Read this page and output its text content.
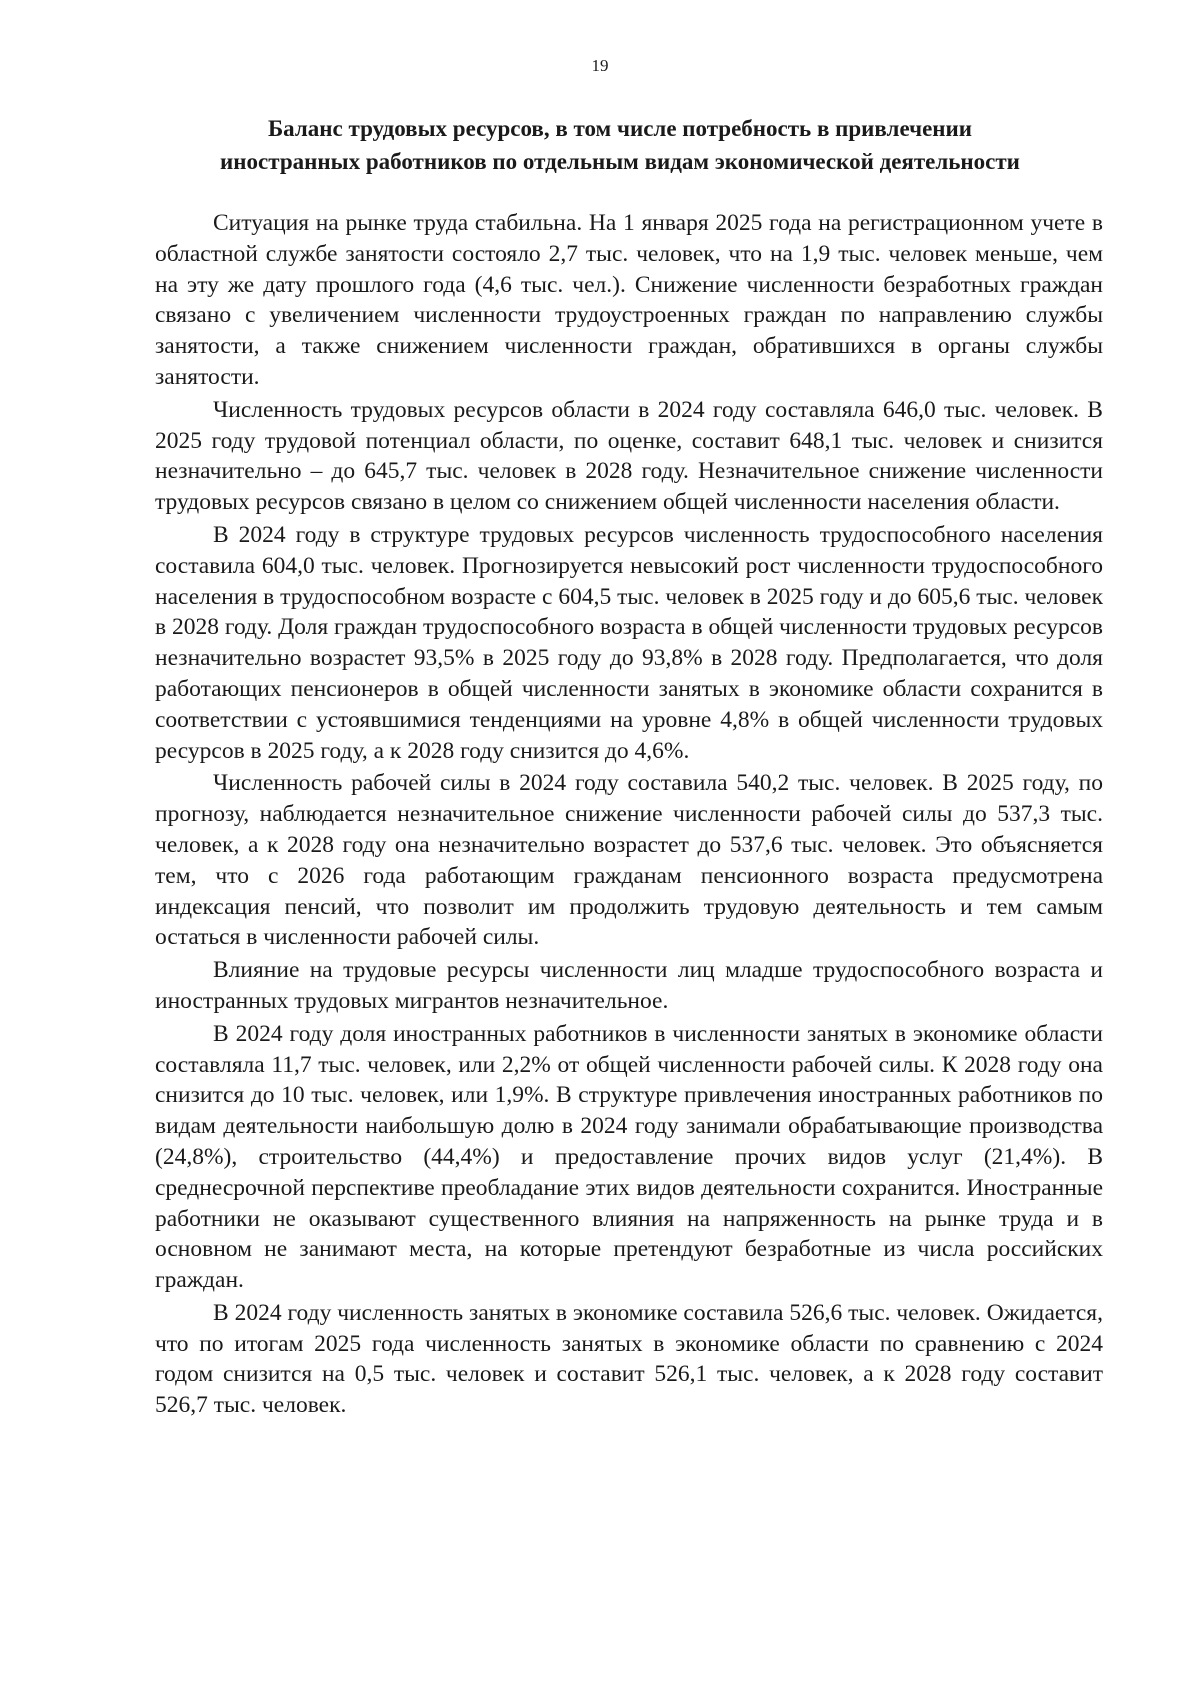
19
Баланс трудовых ресурсов, в том числе потребность в привлечении
иностранных работников по отдельным видам экономической деятельности

Ситуация на рынке труда стабильна. На 1 января 2025 года на регистрационном учете в областной службе занятости состояло 2,7 тыс. человек, что на 1,9 тыс. человек меньше, чем на эту же дату прошлого года (4,6 тыс. чел.). Снижение численности безработных граждан связано с увеличением численности трудоустроенных граждан по направлению службы занятости, а также снижением численности граждан, обратившихся в органы службы занятости.

Численность трудовых ресурсов области в 2024 году составляла 646,0 тыс. человек. В 2025 году трудовой потенциал области, по оценке, составит 648,1 тыс. человек и снизится незначительно – до 645,7 тыс. человек в 2028 году. Незначительное снижение численности трудовых ресурсов связано в целом со снижением общей численности населения области.

В 2024 году в структуре трудовых ресурсов численность трудоспособного населения составила 604,0 тыс. человек. Прогнозируется невысокий рост численности трудоспособного населения в трудоспособном возрасте с 604,5 тыс. человек в 2025 году и до 605,6 тыс. человек в 2028 году. Доля граждан трудоспособного возраста в общей численности трудовых ресурсов незначительно возрастет 93,5% в 2025 году до 93,8% в 2028 году. Предполагается, что доля работающих пенсионеров в общей численности занятых в экономике области сохранится в соответствии с устоявшимися тенденциями на уровне 4,8% в общей численности трудовых ресурсов в 2025 году, а к 2028 году снизится до 4,6%.

Численность рабочей силы в 2024 году составила 540,2 тыс. человек. В 2025 году, по прогнозу, наблюдается незначительное снижение численности рабочей силы до 537,3 тыс. человек, а к 2028 году она незначительно возрастет до 537,6 тыс. человек. Это объясняется тем, что с 2026 года работающим гражданам пенсионного возраста предусмотрена индексация пенсий, что позволит им продолжить трудовую деятельность и тем самым остаться в численности рабочей силы.

Влияние на трудовые ресурсы численности лиц младше трудоспособного возраста и иностранных трудовых мигрантов незначительное.

В 2024 году доля иностранных работников в численности занятых в экономике области составляла 11,7 тыс. человек, или 2,2% от общей численности рабочей силы. К 2028 году она снизится до 10 тыс. человек, или 1,9%. В структуре привлечения иностранных работников по видам деятельности наибольшую долю в 2024 году занимали обрабатывающие производства (24,8%), строительство (44,4%) и предоставление прочих видов услуг (21,4%). В среднесрочной перспективе преобладание этих видов деятельности сохранится. Иностранные работники не оказывают существенного влияния на напряженность на рынке труда и в основном не занимают места, на которые претендуют безработные из числа российских граждан.

В 2024 году численность занятых в экономике составила 526,6 тыс. человек. Ожидается, что по итогам 2025 года численность занятых в экономике области по сравнению с 2024 годом снизится на 0,5 тыс. человек и составит 526,1 тыс. человек, а к 2028 году составит 526,7 тыс. человек.
